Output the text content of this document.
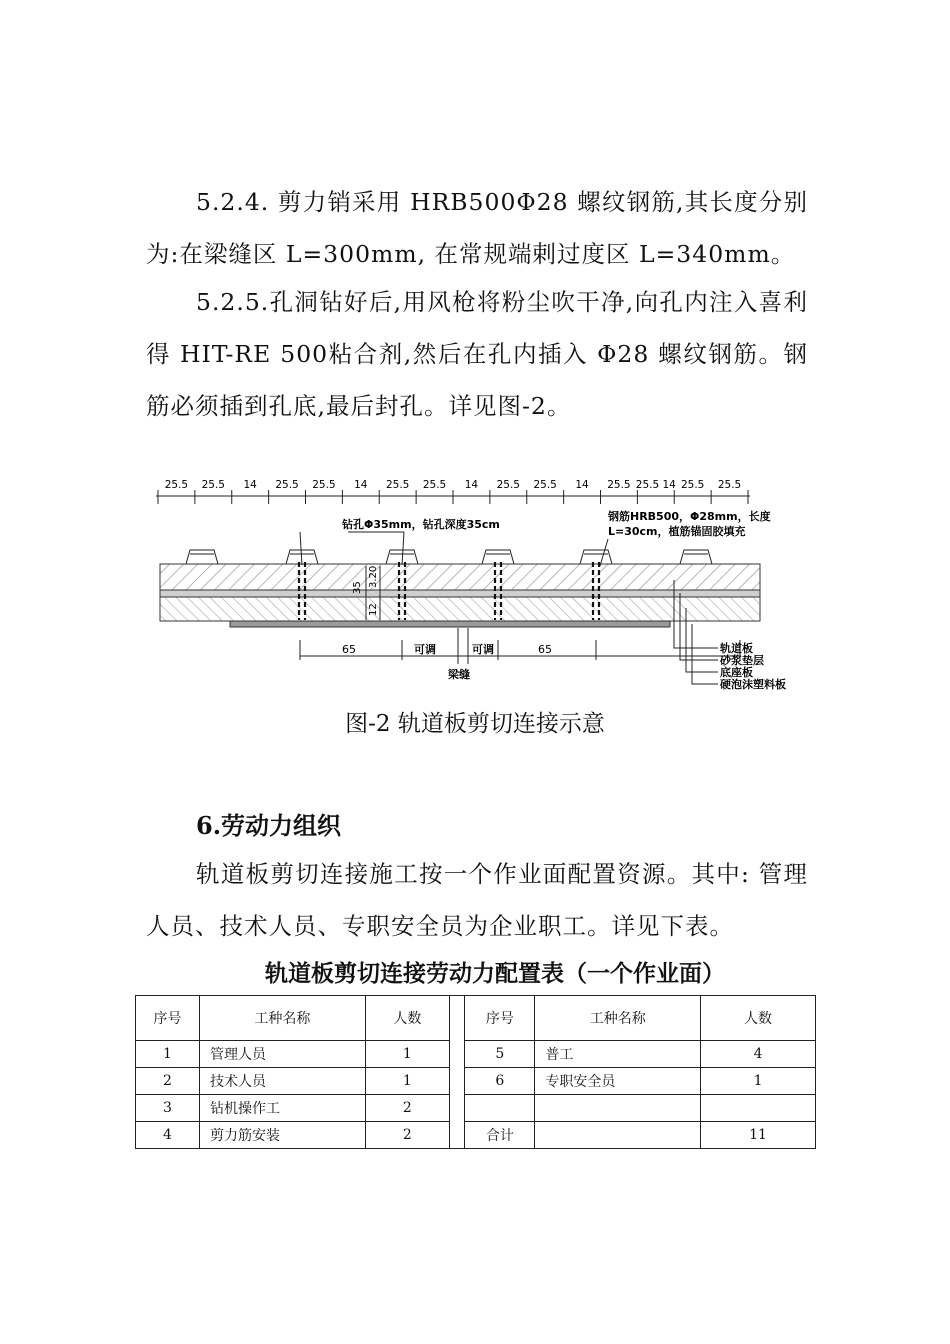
5.2.4. 剪力销采用 HRB500Φ28 螺纹钢筋,其长度分别为:在梁缝区 L=300mm, 在常规端剌过度区 L=340mm。
5.2.5.孔洞钻好后,用风枪将粉尘吹干净,向孔内注入喜利得 HIT-RE 500粘合剂,然后在孔内插入 Φ28 螺纹钢筋。钢筋必须插到孔底,最后封孔。详见图-2。
25.5 25.5 14 25.5 25.5 14 25.5 25.5 14 25.5 25.5 14 25.5 25.5 14 25.5 25.5
钻孔Φ35mm，钻孔深度35cm
钢筋HRB500，Φ28mm，长度
L=30cm，植筋锚固胶填充
35 3.20
12
65	可调	可调	65
梁缝
轨道板
砂浆垫层
底座板
硬泡沫塑料板
图-2 轨道板剪切连接示意
6.劳动力组织
轨道板剪切连接施工按一个作业面配置资源。其中: 管理人员、技术人员、专职安全员为企业职工。详见下表。
轨道板剪切连接劳动力配置表（一个作业面）
序号	工种名称	人数		序号	工种名称	人数
1	管理人员	1		5	普工	4
2	技术人员	1		6	专职安全员	1
3	钻机操作工	2				
4	剪力筋安装	2		合计		11
